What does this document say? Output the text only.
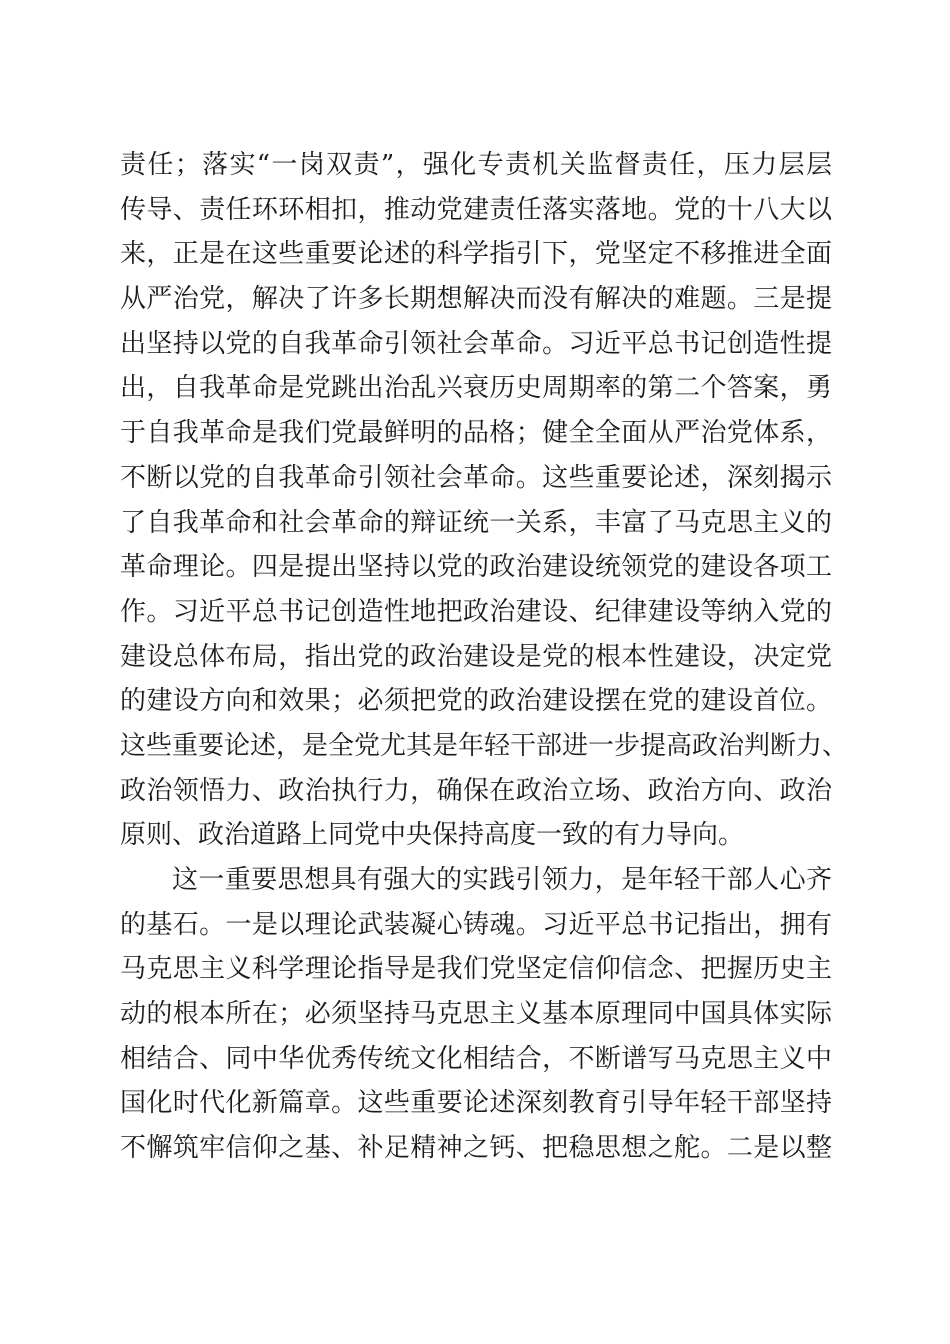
责任；落实“一岗双责”，强化专责机关监督责任，压力层层
传导、责任环环相扣，推动党建责任落实落地。党的十八大以
来，正是在这些重要论述的科学指引下，党坚定不移推进全面
从严治党，解决了许多长期想解决而没有解决的难题。三是提
出坚持以党的自我革命引领社会革命。习近平总书记创造性提
出，自我革命是党跳出治乱兴衰历史周期率的第二个答案，勇
于自我革命是我们党最鲜明的品格；健全全面从严治党体系，
不断以党的自我革命引领社会革命。这些重要论述，深刻揭示
了自我革命和社会革命的辩证统一关系，丰富了马克思主义的
革命理论。四是提出坚持以党的政治建设统领党的建设各项工
作。习近平总书记创造性地把政治建设、纪律建设等纳入党的
建设总体布局，指出党的政治建设是党的根本性建设，决定党
的建设方向和效果；必须把党的政治建设摆在党的建设首位。
这些重要论述，是全党尤其是年轻干部进一步提高政治判断力、
政治领悟力、政治执行力，确保在政治立场、政治方向、政治
原则、政治道路上同党中央保持高度一致的有力导向。
这一重要思想具有强大的实践引领力，是年轻干部人心齐
的基石。一是以理论武装凝心铸魂。习近平总书记指出，拥有
马克思主义科学理论指导是我们党坚定信仰信念、把握历史主
动的根本所在；必须坚持马克思主义基本原理同中国具体实际
相结合、同中华优秀传统文化相结合，不断谱写马克思主义中
国化时代化新篇章。这些重要论述深刻教育引导年轻干部坚持
不懈筑牢信仰之基、补足精神之钙、把稳思想之舵。二是以整
